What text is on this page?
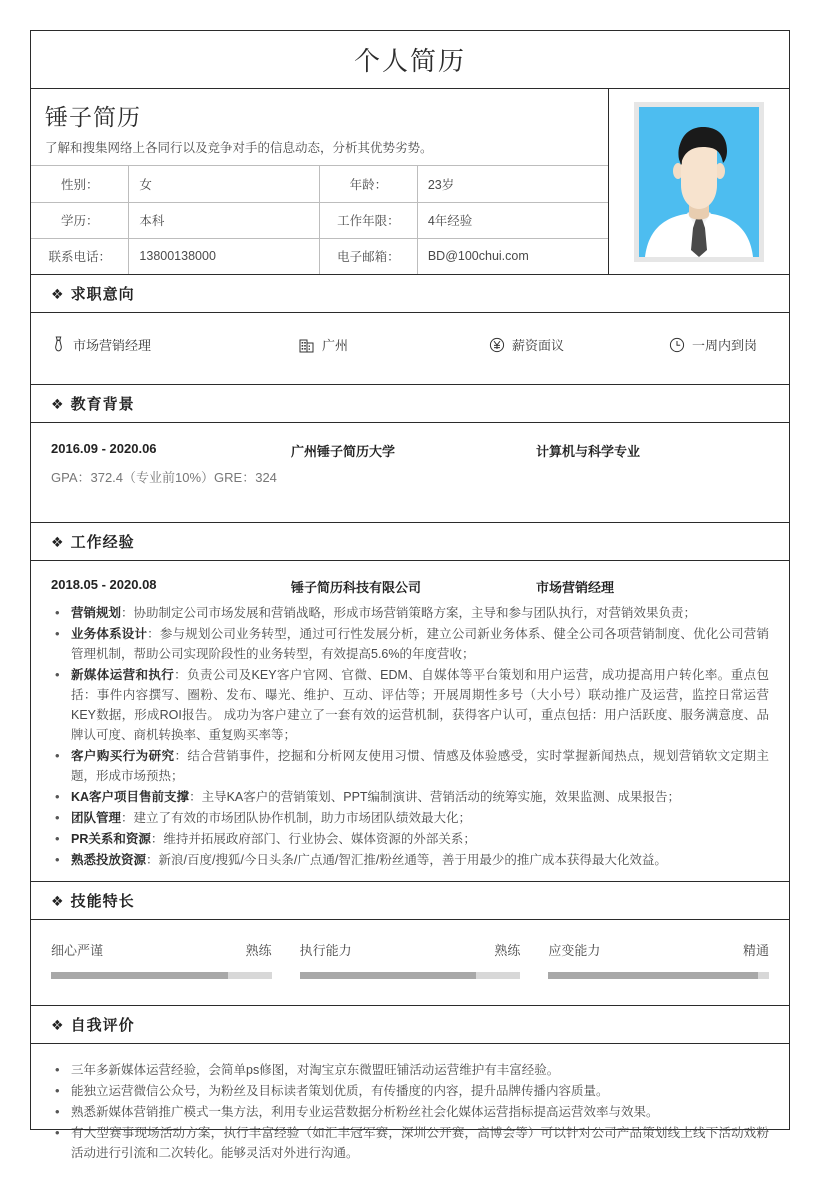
个人简历
锤子简历
了解和搜集网络上各同行以及竞争对手的信息动态，分析其优势劣势。
性别：	女	年龄：	23岁
学历：	本科	工作年限：	4年经验
联系电话：	13800138000	电子邮箱：	BD@100chui.com
❖ 求职意向
市场营销经理	广州	薪资面议	一周内到岗
❖ 教育背景
2016.09 - 2020.06	广州锤子简历大学	计算机与科学专业
GPA：372.4（专业前10%）GRE：324
❖ 工作经验
2018.05 - 2020.08	锤子简历科技有限公司	市场营销经理
• 营销规划：协助制定公司市场发展和营销战略，形成市场营销策略方案，主导和参与团队执行，对营销效果负责；
• 业务体系设计：参与规划公司业务转型，通过可行性发展分析，建立公司新业务体系、健全公司各项营销制度、优化公司营销管理机制，帮助公司实现阶段性的业务转型，有效提高5.6%的年度营收；
• 新媒体运营和执行：负责公司及KEY客户官网、官微、EDM、自媒体等平台策划和用户运营，成功提高用户转化率。重点包括：事件内容撰写、圈粉、发布、曝光、维护、互动、评估等；开展周期性多号（大小号）联动推广及运营，监控日常运营KEY数据，形成ROI报告。 成功为客户建立了一套有效的运营机制，获得客户认可，重点包括：用户活跃度、服务满意度、品牌认可度、商机转换率、重复购买率等；
• 客户购买行为研究：结合营销事件，挖掘和分析网友使用习惯、情感及体验感受，实时掌握新闻热点，规划营销软文定期主题，形成市场预热；
• KA客户项目售前支撑：主导KA客户的营销策划、PPT编制演讲、营销活动的统筹实施，效果监测、成果报告；
• 团队管理：建立了有效的市场团队协作机制，助力市场团队绩效最大化；
• PR关系和资源：维持并拓展政府部门、行业协会、媒体资源的外部关系；
• 熟悉投放资源：新浪/百度/搜狐/今日头条/广点通/智汇推/粉丝通等，善于用最少的推广成本获得最大化效益。
❖ 技能特长
细心严谨	熟练 执行能力	熟练 应变能力	精通
❖ 自我评价
• 三年多新媒体运营经验，会简单ps修图，对淘宝京东微盟旺铺活动运营维护有丰富经验。
• 能独立运营微信公众号，为粉丝及目标读者策划优质，有传播度的内容，提升品牌传播内容质量。
• 熟悉新媒体营销推广模式一集方法，利用专业运营数据分析粉丝社会化媒体运营指标提高运营效率与效果。
• 有大型赛事现场活动方案，执行丰富经验（如汇丰冠军赛，深圳公开赛，高博会等）可以针对公司产品策划线上线下活动戏粉活动进行引流和二次转化。能够灵活对外进行沟通。
